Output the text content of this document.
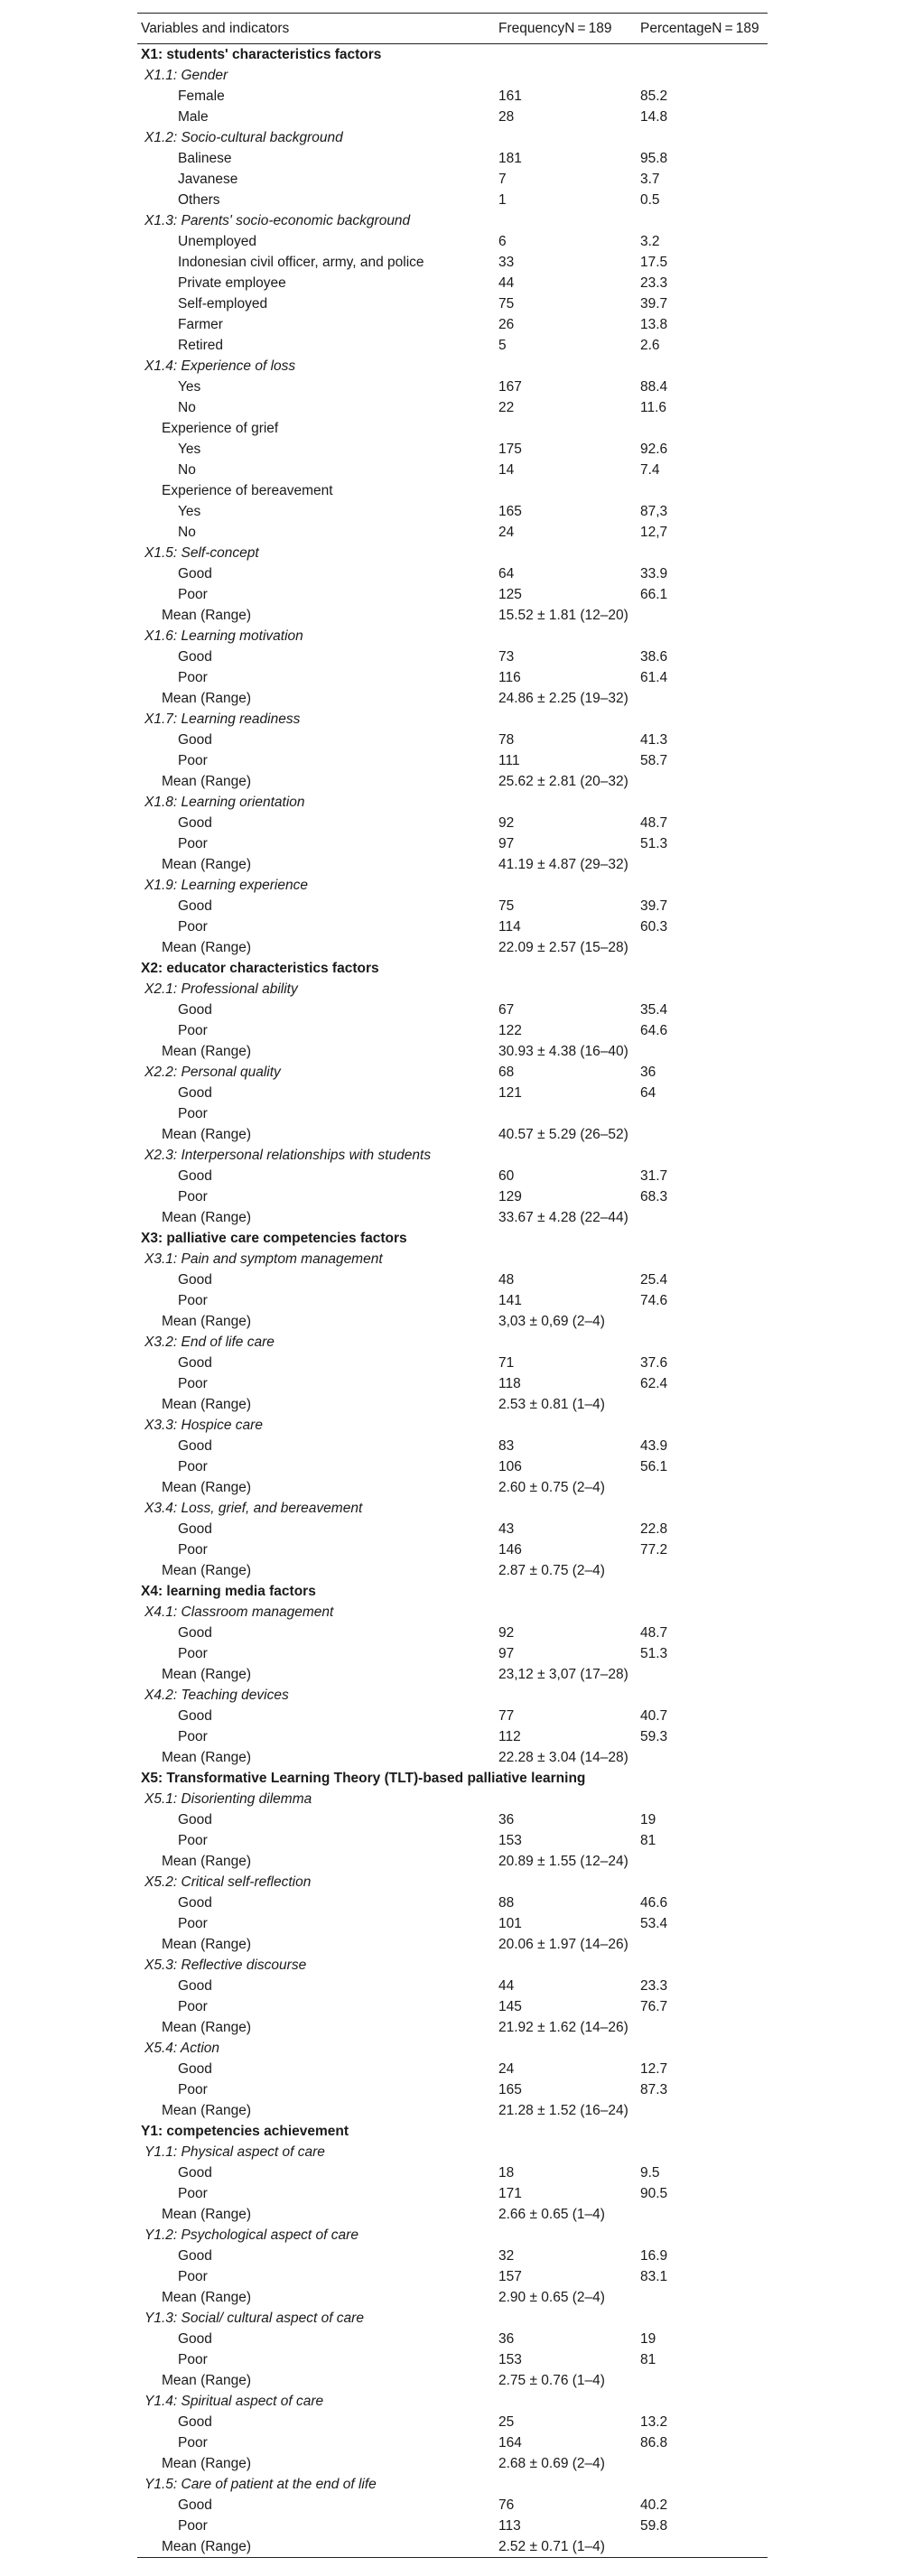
Variables and indicators	FrequencyN = 189	PercentageN = 189
X1: students' characteristics factors		
X1.1: Gender		
Female	161	85.2
Male	28	14.8
X1.2: Socio-cultural background		
Balinese	181	95.8
Javanese	7	3.7
Others	1	0.5
X1.3: Parents' socio-economic background		
Unemployed	6	3.2
Indonesian civil officer, army, and police	33	17.5
Private employee	44	23.3
Self-employed	75	39.7
Farmer	26	13.8
Retired	5	2.6
X1.4: Experience of loss		
Yes	167	88.4
No	22	11.6
Experience of grief		
Yes	175	92.6
No	14	7.4
Experience of bereavement		
Yes	165	87,3
No	24	12,7
X1.5: Self-concept		
Good	64	33.9
Poor	125	66.1
Mean (Range)	15.52 ± 1.81 (12–20)	
X1.6: Learning motivation		
Good	73	38.6
Poor	116	61.4
Mean (Range)	24.86 ± 2.25 (19–32)	
X1.7: Learning readiness		
Good	78	41.3
Poor	111	58.7
Mean (Range)	25.62 ± 2.81 (20–32)	
X1.8: Learning orientation		
Good	92	48.7
Poor	97	51.3
Mean (Range)	41.19 ± 4.87 (29–32)	
X1.9: Learning experience		
Good	75	39.7
Poor	114	60.3
Mean (Range)	22.09 ± 2.57 (15–28)	
X2: educator characteristics factors		
X2.1: Professional ability		
Good	67	35.4
Poor	122	64.6
Mean (Range)	30.93 ± 4.38 (16–40)	
X2.2: Personal quality	68	36
Good	121	64
Poor		
Mean (Range)	40.57 ± 5.29 (26–52)	
X2.3: Interpersonal relationships with students		
Good	60	31.7
Poor	129	68.3
Mean (Range)	33.67 ± 4.28 (22–44)	
X3: palliative care competencies factors		
X3.1: Pain and symptom management		
Good	48	25.4
Poor	141	74.6
Mean (Range)	3,03 ± 0,69 (2–4)	
X3.2: End of life care		
Good	71	37.6
Poor	118	62.4
Mean (Range)	2.53 ± 0.81 (1–4)	
X3.3: Hospice care		
Good	83	43.9
Poor	106	56.1
Mean (Range)	2.60 ± 0.75 (2–4)	
X3.4: Loss, grief, and bereavement		
Good	43	22.8
Poor	146	77.2
Mean (Range)	2.87 ± 0.75 (2–4)	
X4: learning media factors		
X4.1: Classroom management		
Good	92	48.7
Poor	97	51.3
Mean (Range)	23,12 ± 3,07 (17–28)	
X4.2: Teaching devices		
Good	77	40.7
Poor	112	59.3
Mean (Range)	22.28 ± 3.04 (14–28)	
X5: Transformative Learning Theory (TLT)-based palliative learning		
X5.1: Disorienting dilemma		
Good	36	19
Poor	153	81
Mean (Range)	20.89 ± 1.55 (12–24)	
X5.2: Critical self-reflection		
Good	88	46.6
Poor	101	53.4
Mean (Range)	20.06 ± 1.97 (14–26)	
X5.3: Reflective discourse		
Good	44	23.3
Poor	145	76.7
Mean (Range)	21.92 ± 1.62 (14–26)	
X5.4: Action		
Good	24	12.7
Poor	165	87.3
Mean (Range)	21.28 ± 1.52 (16–24)	
Y1: competencies achievement		
Y1.1: Physical aspect of care		
Good	18	9.5
Poor	171	90.5
Mean (Range)	2.66 ± 0.65 (1–4)	
Y1.2: Psychological aspect of care		
Good	32	16.9
Poor	157	83.1
Mean (Range)	2.90 ± 0.65 (2–4)	
Y1.3: Social/ cultural aspect of care		
Good	36	19
Poor	153	81
Mean (Range)	2.75 ± 0.76 (1–4)	
Y1.4: Spiritual aspect of care		
Good	25	13.2
Poor	164	86.8
Mean (Range)	2.68 ± 0.69 (2–4)	
Y1.5: Care of patient at the end of life		
Good	76	40.2
Poor	113	59.8
Mean (Range)	2.52 ± 0.71 (1–4)	
